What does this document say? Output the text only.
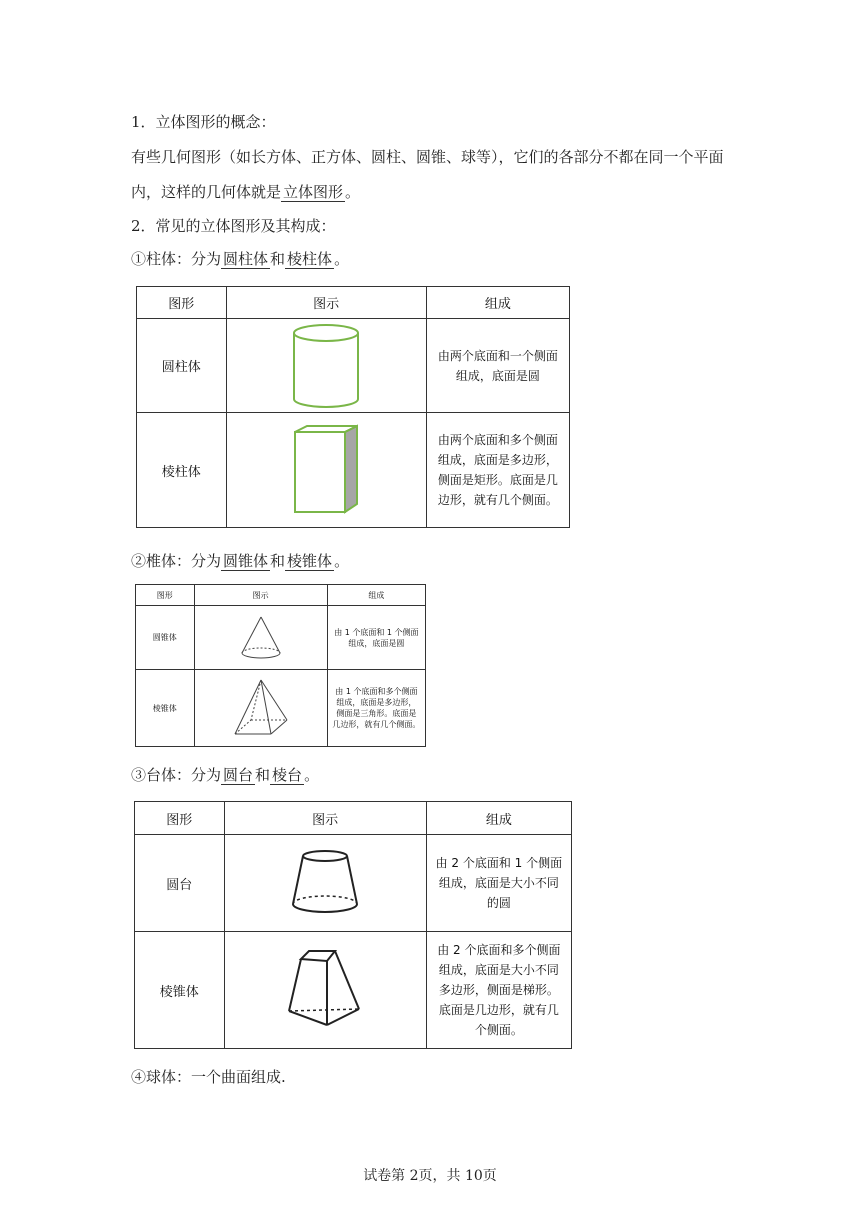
1．立体图形的概念：
有些几何图形（如长方体、正方体、圆柱、圆锥、球等），它们的各部分不都在同一个平面
内，这样的几何体就是 立体图形 。
2．常见的立体图形及其构成：
①柱体：分为 圆柱体 和 棱柱体 。
图形	图示	组成
圆柱体		由两个底面和一个侧面
组成，底面是圆

棱柱体		由两个底面和多个侧面
组成，底面是多边形，
侧面是矩形。底面是几
边形，就有几个侧面。
②椎体：分为 圆锥体 和 棱锥体 。
图形	图示	组成
圆锥体		由 1 个底面和 1 个侧面
组成，底面是圆

棱锥体		由 1 个底面和多个侧面
组成，底面是多边形，
侧面是三角形。底面是
几边形，就有几个侧面。
③台体：分为 圆台 和 棱台 。
图形	图示	组成
圆台		由 2 个底面和 1 个侧面
组成，底面是大小不同
的圆

棱锥体		由 2 个底面和多个侧面
组成，底面是大小不同
多边形，侧面是梯形。
底面是几边形，就有几
个侧面。
④球体：一个曲面组成.
试卷第 2页，共 10页
